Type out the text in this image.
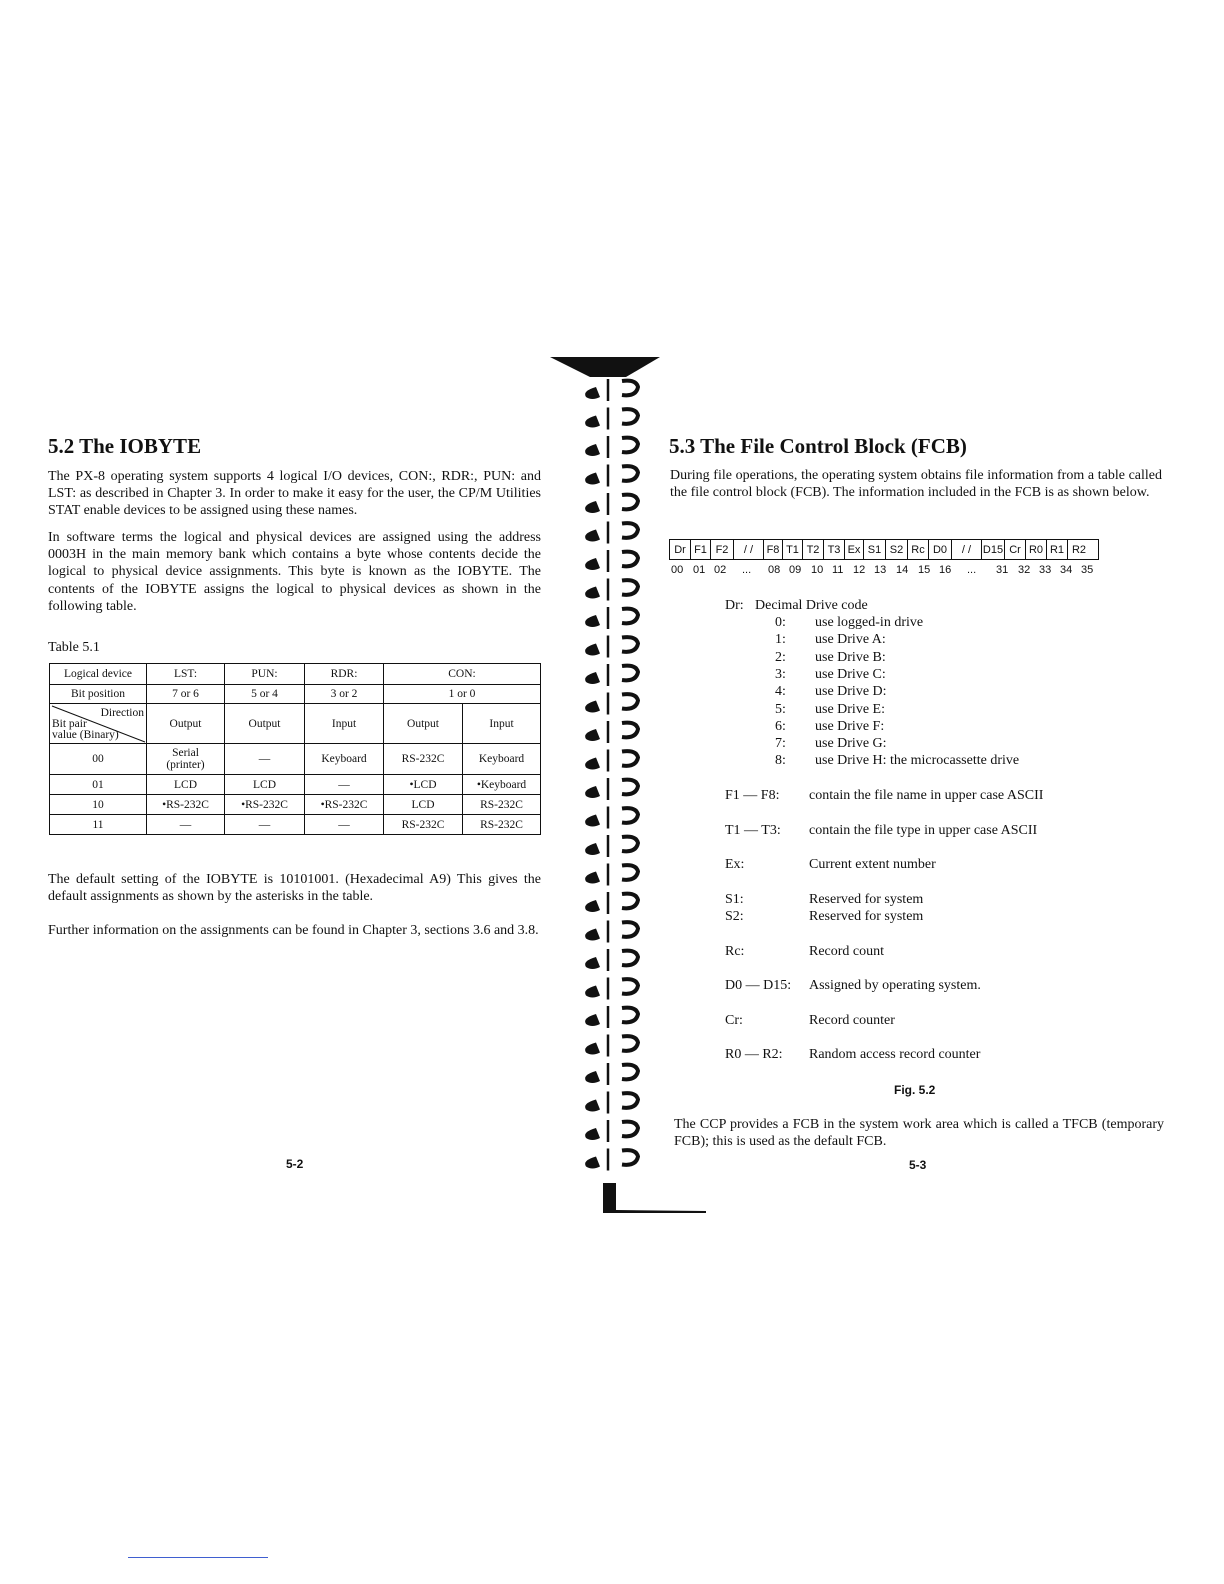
5.2 The IOBYTE

The PX-8 operating system supports 4 logical I/O devices, CON:, RDR:, PUN: and LST: as described in Chapter 3. In order to make it easy for the user, the CP/M Utilities STAT enable devices to be assigned using these names.

In software terms the logical and physical devices are assigned using the address 0003H in the main memory bank which contains a byte whose contents decide the logical to physical device assignments. This byte is known as the IOBYTE. The contents of the IOBYTE assigns the logical to physical devices as shown in the following table.

Table 5.1

Logical device	LST:	PUN:	RDR:	CON:	
Bit position	7 or 6	5 or 4	3 or 2	1 or 0	

Direction
Bit pair
value (Binary)	Output	Output	Input	Output	Input
00	Serial (printer)	—	Keyboard	RS-232C	Keyboard
01	LCD	LCD	—	•LCD	•Keyboard
10	•RS-232C	•RS-232C	•RS-232C	LCD	RS-232C
11	—	—	—	RS-232C	RS-232C

The default setting of the IOBYTE is 10101001. (Hexadecimal A9) This gives the default assignments as shown by the asterisks in the table.

Further information on the assignments can be found in Chapter 3, sections 3.6 and 3.8.

5-2

5.3 The File Control Block (FCB)

During file operations, the operating system obtains file information from a table called the file control block (FCB). The information included in the FCB is as shown below.

Dr F1 F2	/ /	F8 T1 T2 T3 Ex S1 S2 Rc D0	/ /	D15 Cr R0 R1 R2
00 01 02 ... 08 09 10 11 12 13 14 15 16 ... 31 32 33 34 35
Dr: Decimal Drive code
0: use logged-in drive
1: use Drive A:
2: use Drive B:
3: use Drive C:
4: use Drive D:
5: use Drive E:
6: use Drive F:
7: use Drive G:
8: use Drive H: the microcassette drive
F1 — F8: contain the file name in upper case ASCII
T1 — T3: contain the file type in upper case ASCII
Ex:	Current extent number
S1:	Reserved for system
S2:	Reserved for system
Rc:	Record count
D0 — D15: Assigned by operating system.
Cr:	Record counter
R0 — R2: Random access record counter

Fig. 5.2

The CCP provides a FCB in the system work area which is called a TFCB (temporary FCB); this is used as the default FCB.

5-3
